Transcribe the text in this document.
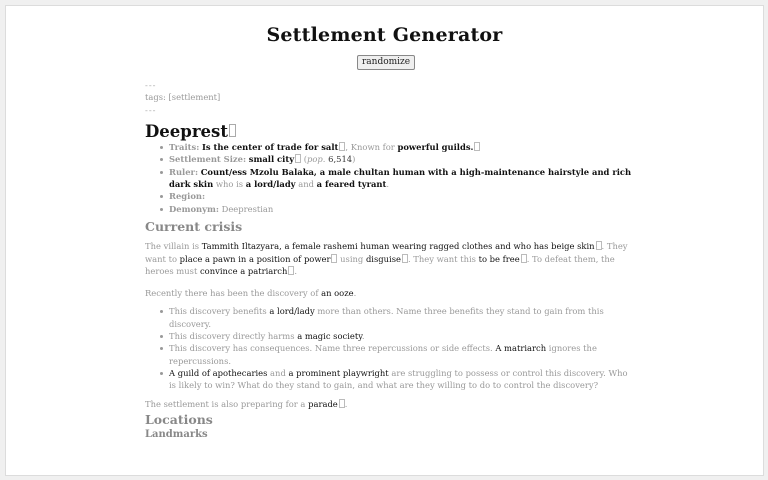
Settlement Generator
randomize
---
tags: [settlement]
---
Deeprest
Traits: Is the center of trade for salt , Known for powerful guilds.
Settlement Size: small city (pop. 6,514)
Ruler: Count/ess Mzolu Balaka, a male chultan human with a high-maintenance hairstyle and rich dark skin who is a lord/lady and a feared tyrant.
Region:
Demonym: Deeprestian
Current crisis

The villain is Tammith Iltazyara, a female rashemi human wearing ragged clothes and who has beige skin . They want to place a pawn in a position of power using disguise . They want this to be free . To defeat them, the heroes must convince a patriarch .

Recently there has been the discovery of an ooze.

This discovery benefits a lord/lady more than others. Name three benefits they stand to gain from this discovery.
This discovery directly harms a magic society.
This discovery has consequences. Name three repercussions or side effects. A matriarch ignores the repercussions.
A guild of apothecaries and a prominent playwright are struggling to possess or control this discovery. Who is likely to win? What do they stand to gain, and what are they willing to do to control the discovery?

The settlement is also preparing for a parade .

Locations
Landmarks
